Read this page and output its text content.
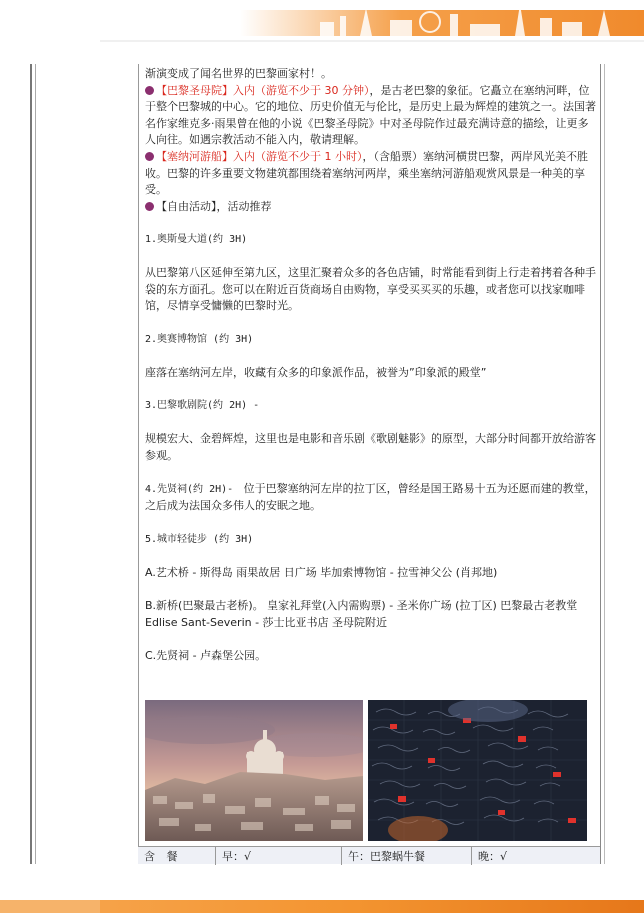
渐演变成了闻名世界的巴黎画家村！。

【巴黎圣母院】入内（游览不少于 30 分钟），是古老巴黎的象征。它矗立在塞纳河畔，位于整个巴黎城的中心。它的地位、历史价值无与伦比，是历史上最为辉煌的建筑之一。法国著名作家维克多·雨果曾在他的小说《巴黎圣母院》中对圣母院作过最充满诗意的描绘，让更多人向往。如遇宗教活动不能入内，敬请理解。

【塞纳河游船】入内（游览不少于 1 小时），（含船票）塞纳河横贯巴黎，两岸风光美不胜收。巴黎的许多重要文物建筑都围绕着塞纳河两岸，乘坐塞纳河游船观赏风景是一种美的享受。

【自由活动】，活动推荐

1.奥斯曼大道(约 3H)

从巴黎第八区延伸至第九区，这里汇聚着众多的各色店铺，时常能看到街上行走着拷着各种手袋的东方面孔。您可以在附近百货商场自由购物，享受买买买的乐趣，或者您可以找家咖啡馆，尽情享受慵懒的巴黎时光。

2.奥赛博物馆 (约 3H)

座落在塞纳河左岸，收藏有众多的印象派作品，被誉为”印象派的殿堂”

3.巴黎歌剧院(约 2H) -

规模宏大、金碧辉煌，这里也是电影和音乐剧《歌剧魅影》的原型，大部分时间都开放给游客参观。

4.先贤祠(约 2H)- 位于巴黎塞纳河左岸的拉丁区，曾经是国王路易十五为还愿而建的教堂，之后成为法国众多伟人的安眠之地。

5.城市轻徒步 (约 3H)

A.艺术桥 - 斯得岛 雨果故居 日广场 毕加索博物馆 - 拉雪神父公 (肖邦地)

B.新桥(巴聚最古老桥)。 皇家礼拜堂(入内需购票) - 圣米你广场 (拉丁区) 巴黎最古老教堂 Edlise Sant-Severin - 莎士比亚书店 圣母院附近

C.先贤祠 - 卢森堡公园。

含 餐	早：√	午：巴黎蜗牛餐	晚：√
